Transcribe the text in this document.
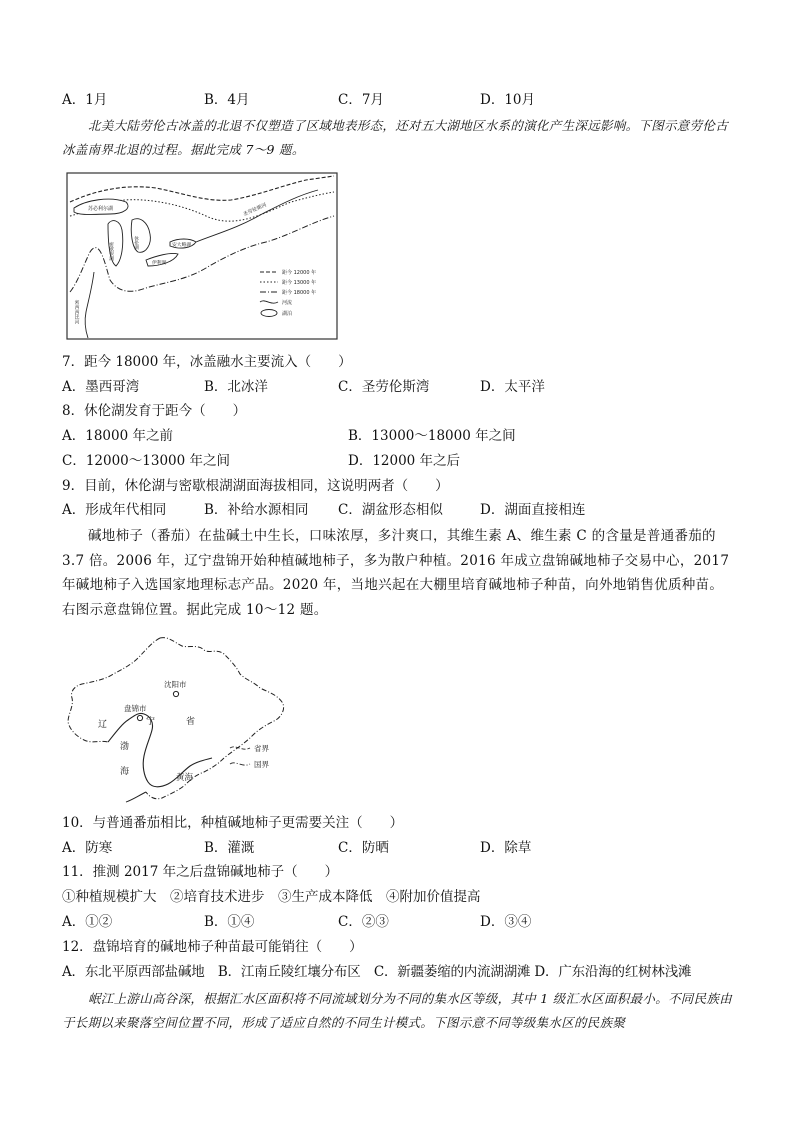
A．1月	B．4月	C．7月	D．10月
北美大陆劳伦古冰盖的北退不仅塑造了区域地表形态，还对五大湖地区水系的演化产生深远影响。下图示意劳伦古冰盖南界北退的过程。据此完成 7～9 题。
苏必利尔湖
密歇根湖	休伦湖
伊利湖
安大略湖
圣劳伦斯河
密西西比河
距今 12000 年
距今 13000 年
距今 18000 年
河流
湖泊
7．距今 18000 年，冰盖融水主要流入（　　）
A．墨西哥湾	B．北冰洋	C．圣劳伦斯湾	D．太平洋
8．休伦湖发育于距今（　　）
A．18000 年之前	B．13000～18000 年之间
C．12000～13000 年之间	D．12000 年之后
9．目前，休伦湖与密歇根湖湖面海拔相同，这说明两者（　　）
A．形成年代相同	B．补给水源相同	C．湖盆形态相似	D．湖面直接相连
碱地柿子（番茄）在盐碱土中生长，口味浓厚，多汁爽口，其维生素 A、维生素 C 的含量是普通番茄的 3.7 倍。2006 年，辽宁盘锦开始种植碱地柿子，多为散户种植。2016 年成立盘锦碱地柿子交易中心，2017 年碱地柿子入选国家地理标志产品。2020 年，当地兴起在大棚里培育碱地柿子种苗，向外地销售优质种苗。右图示意盘锦位置。据此完成 10～12 题。
沈阳市
盘锦市
辽	宁	省
渤
海
黄海
省界
国界
10．与普通番茄相比，种植碱地柿子更需要关注（　　）
A．防寒	B．灌溉	C．防晒	D．除草
11．推测 2017 年之后盘锦碱地柿子（　　）
①种植规模扩大　②培育技术进步　③生产成本降低　④附加价值提高
A．①②	B．①④	C．②③	D．③④
12．盘锦培育的碱地柿子种苗最可能销往（　　）
A．东北平原西部盐碱地　B．江南丘陵红壤分布区　C．新疆萎缩的内流湖湖滩 D．广东沿海的红树林浅滩
岷江上游山高谷深，根据汇水区面积将不同流域划分为不同的集水区等级，其中 1 级汇水区面积最小。不同民族由于长期以来聚落空间位置不同，形成了适应自然的不同生计模式。下图示意不同等级集水区的民族聚
